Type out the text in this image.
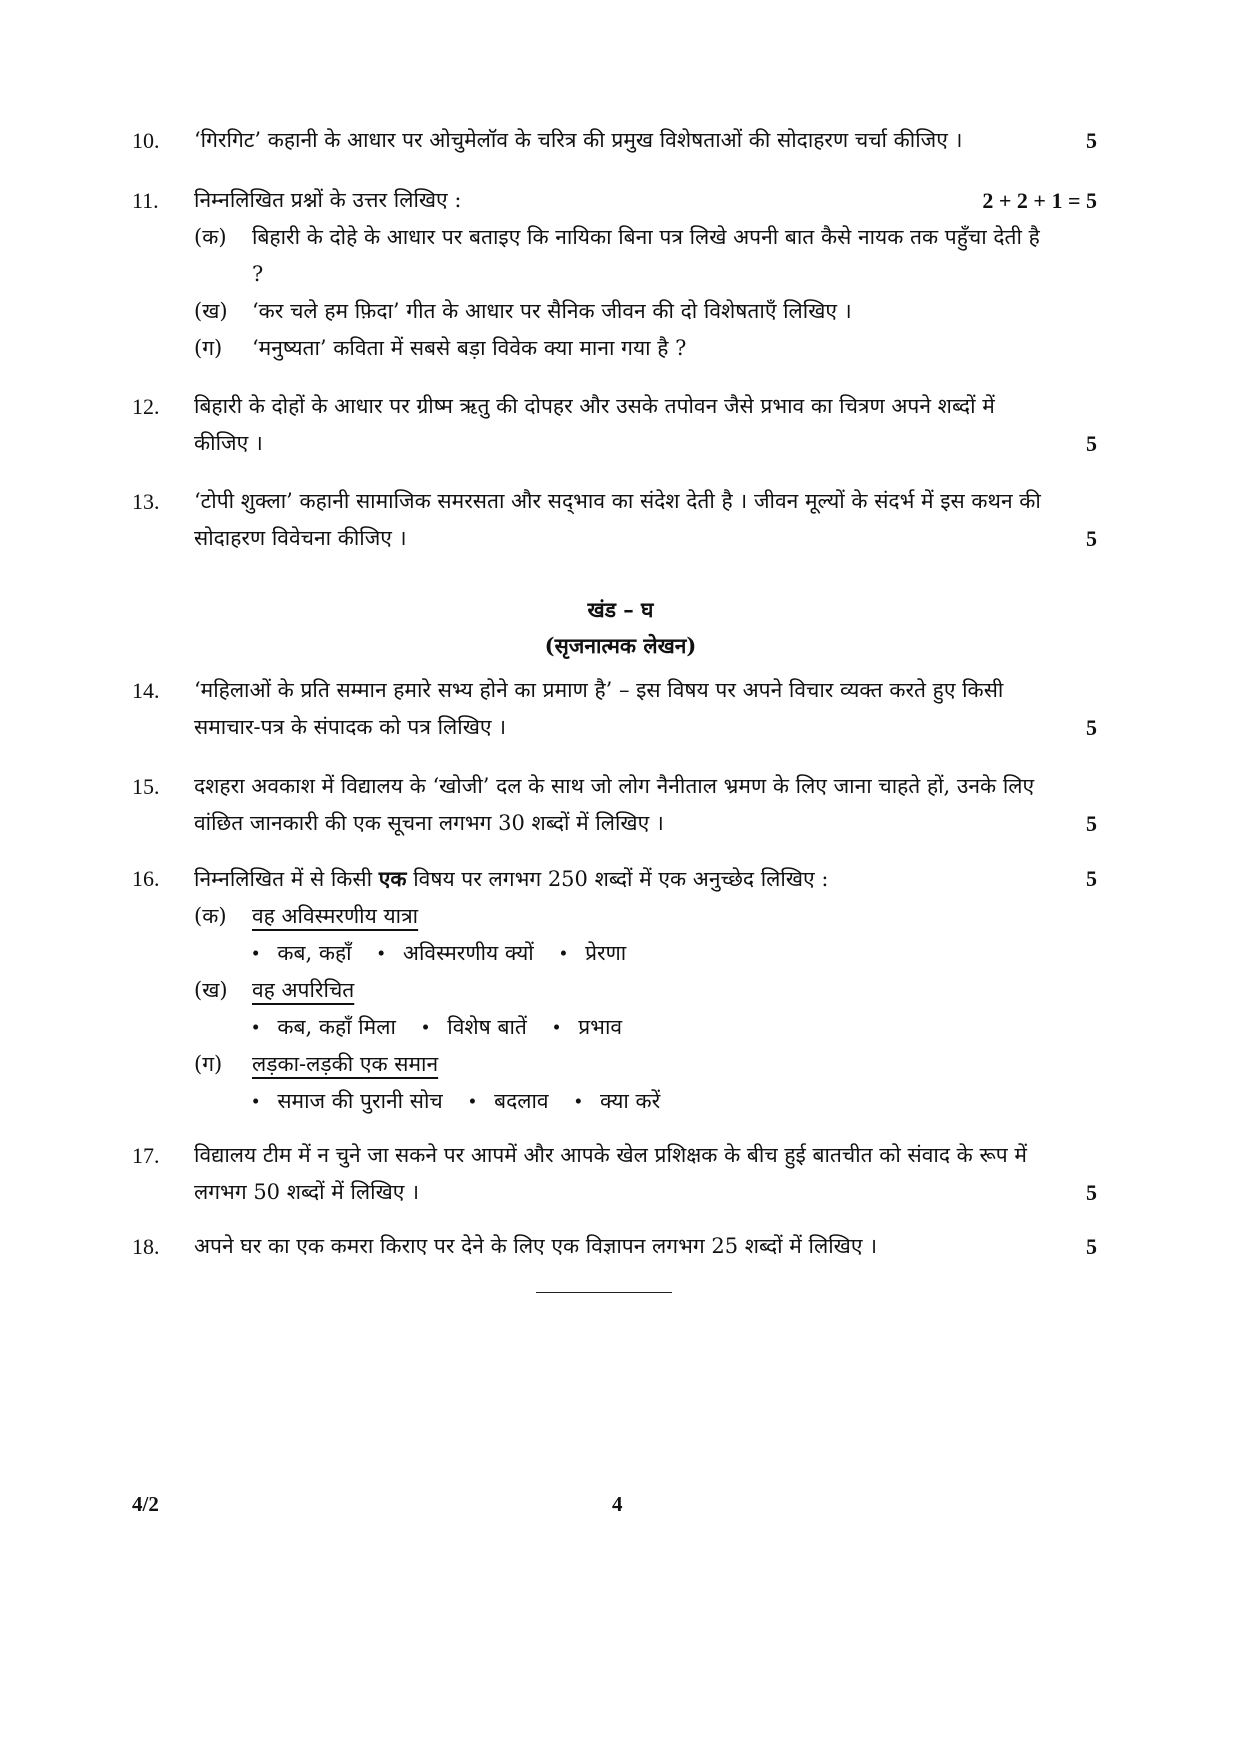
10.	‘गिरगिट’ कहानी के आधार पर ओचुमेलॉव के चरित्र की प्रमुख विशेषताओं की सोदाहरण चर्चा कीजिए ।	5
11.	निम्नलिखित प्रश्नों के उत्तर लिखिए :	2 + 2 + 1 = 5
(क)	बिहारी के दोहे के आधार पर बताइए कि नायिका बिना पत्र लिखे अपनी बात कैसे नायक तक पहुँचा देती है ?
(ख)	‘कर चले हम फ़िदा’ गीत के आधार पर सैनिक जीवन की दो विशेषताएँ लिखिए ।
(ग)	‘मनुष्यता’ कविता में सबसे बड़ा विवेक क्या माना गया है ?
12.	बिहारी के दोहों के आधार पर ग्रीष्म ऋतु की दोपहर और उसके तपोवन जैसे प्रभाव का चित्रण अपने शब्दों में कीजिए ।	5
13.	‘टोपी शुक्ला’ कहानी सामाजिक समरसता और सद्‌भाव का संदेश देती है । जीवन मूल्यों के संदर्भ में इस कथन की सोदाहरण विवेचना कीजिए ।	5
खंड – घ
(सृजनात्मक लेखन)
14.	‘महिलाओं के प्रति सम्मान हमारे सभ्य होने का प्रमाण है’ – इस विषय पर अपने विचार व्यक्त करते हुए किसी समाचार-पत्र के संपादक को पत्र लिखिए ।	5
15.	दशहरा अवकाश में विद्यालय के ‘खोजी’ दल के साथ जो लोग नैनीताल भ्रमण के लिए जाना चाहते हों, उनके लिए वांछित जानकारी की एक सूचना लगभग 30 शब्दों में लिखिए ।	5
16.	निम्नलिखित में से किसी एक विषय पर लगभग 250 शब्दों में एक अनुच्छेद लिखिए :	5
(क)	वह अविस्मरणीय यात्रा
• कब, कहाँ	• अविस्मरणीय क्यों	• प्रेरणा
(ख)	वह अपरिचित
• कब, कहाँ मिला	• विशेष बातें	• प्रभाव
(ग)	लड़का-लड़की एक समान
• समाज की पुरानी सोच	• बदलाव	• क्या करें
17.	विद्यालय टीम में न चुने जा सकने पर आपमें और आपके खेल प्रशिक्षक के बीच हुई बातचीत को संवाद के रूप में लगभग 50 शब्दों में लिखिए ।	5
18.	अपने घर का एक कमरा किराए पर देने के लिए एक विज्ञापन लगभग 25 शब्दों में लिखिए ।	5
4/2	4
